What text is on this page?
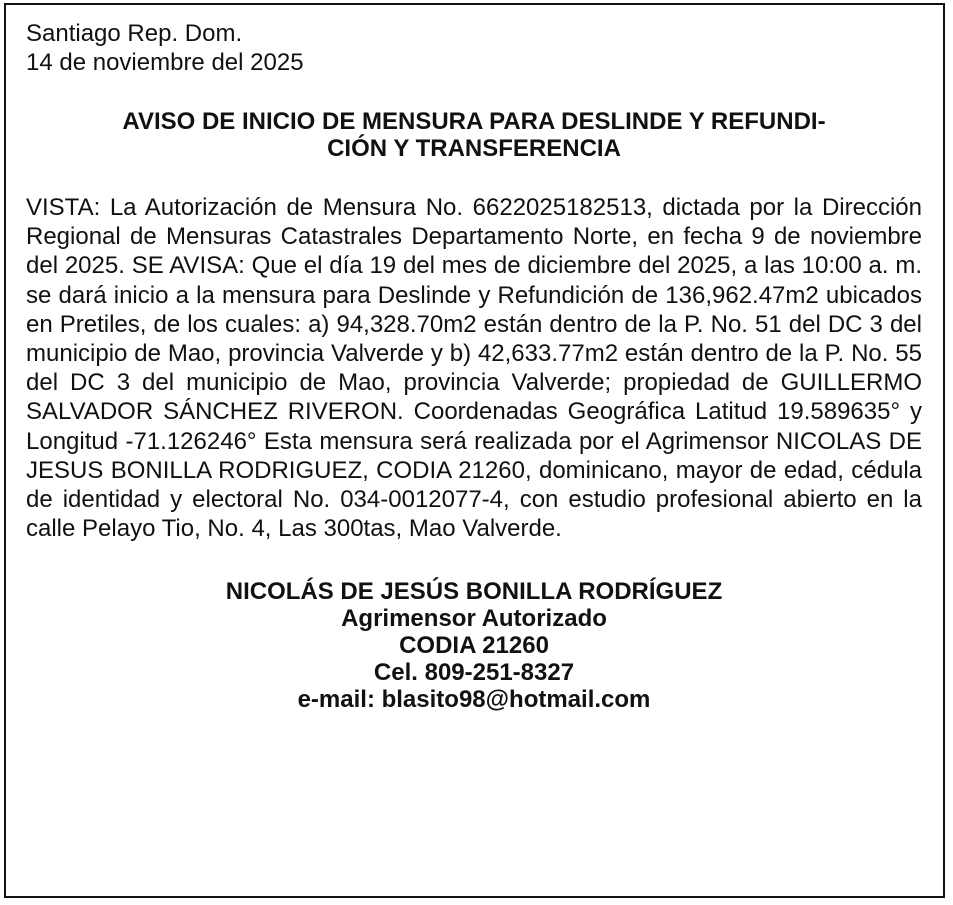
Santiago Rep. Dom.

14 de noviembre del 2025

AVISO DE INICIO DE MENSURA PARA DESLINDE Y REFUNDI-
CIÓN Y TRANSFERENCIA

VISTA: La Autorización de Mensura No. 6622025182513, dictada por la Dirección Regional de Mensuras Catastrales Departamento Norte, en fecha 9 de noviembre del 2025. SE AVISA: Que el día 19 del mes de diciembre del 2025, a las 10:00 a. m. se dará inicio a la mensura para Deslinde y Refundición de 136,962.47m2 ubicados en Pretiles, de los cuales: a) 94,328.70m2 están dentro de la P. No. 51 del DC 3 del municipio de Mao, provincia Valverde y b) 42,633.77m2 están dentro de la P. No. 55 del DC 3 del municipio de Mao, provincia Valverde; propiedad de GUILLERMO SALVADOR SÁNCHEZ RIVERON. Coordenadas Geográfica Latitud 19.589635° y Longitud -71.126246° Esta mensura será realizada por el Agrimensor NICOLAS DE JESUS BONILLA RODRIGUEZ, CODIA 21260, dominicano, mayor de edad, cédula de identidad y electoral No. 034-0012077-4, con estudio profesional abierto en la calle Pelayo Tio, No. 4, Las 300tas, Mao Valverde.

NICOLÁS DE JESÚS BONILLA RODRÍGUEZ
Agrimensor Autorizado
CODIA 21260
Cel. 809-251-8327
e-mail: blasito98@hotmail.com
